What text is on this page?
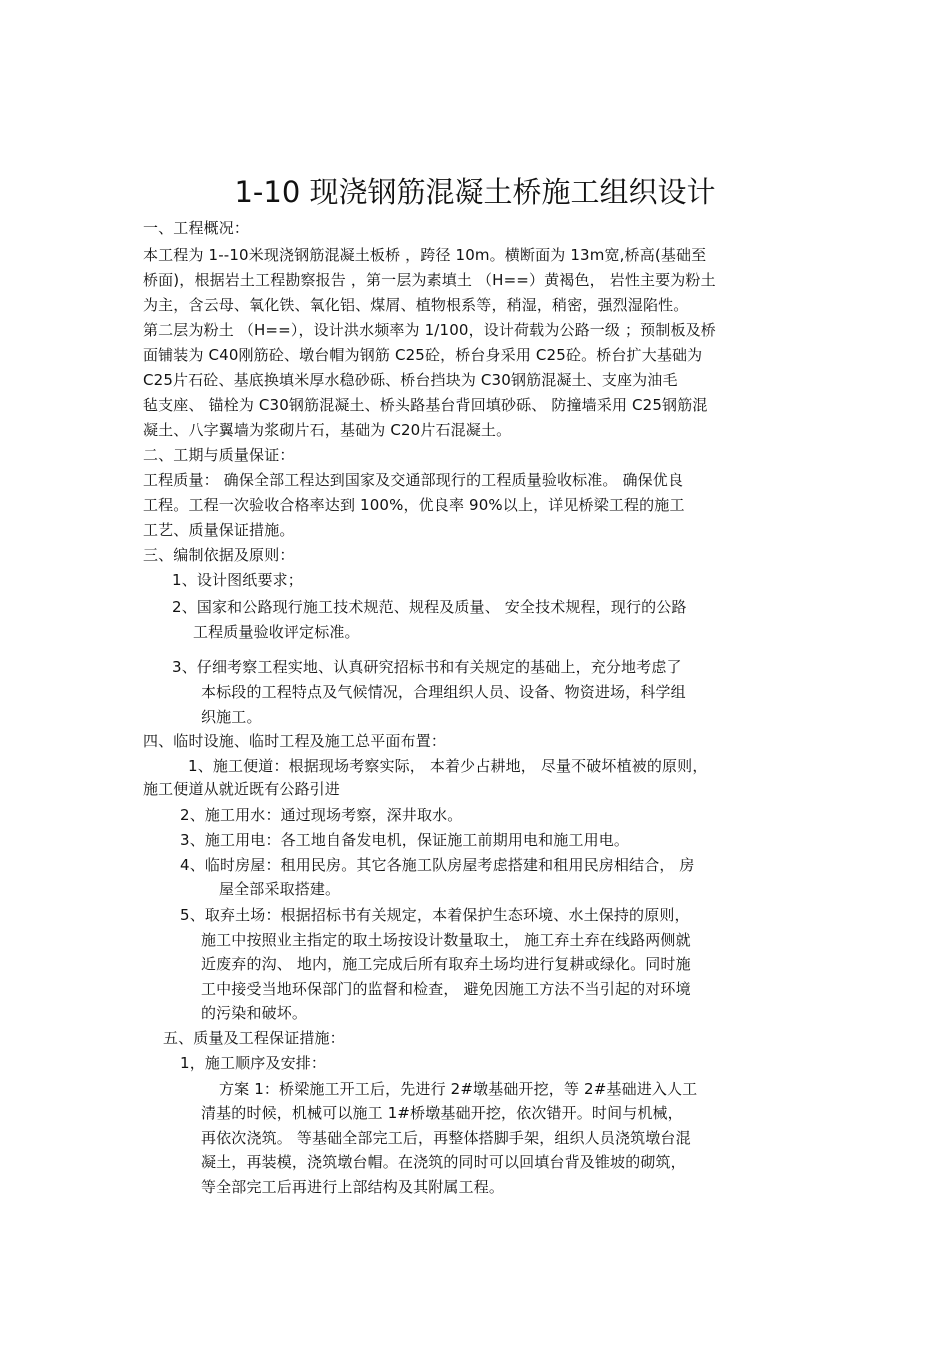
1-10 现浇钢筋混凝土桥施工组织设计
一、工程概况：
本工程为 1--10米现浇钢筋混凝土板桥 ，跨径 10m。横断面为 13m宽,桥高(基础至
桥面)，根据岩土工程勘察报告 ，第一层为素填土 （H==）黄褐色， 岩性主要为粉土
为主，含云母、氧化铁、氧化铝、煤屑、植物根系等，稍湿，稍密，强烈湿陷性。
第二层为粉土 （H==），设计洪水频率为 1/100，设计荷载为公路一级 ；预制板及桥
面铺装为 C40刚筋砼、墩台帽为钢筋 C25砼，桥台身采用 C25砼。桥台扩大基础为
C25片石砼、基底换填米厚水稳砂砾、桥台挡块为 C30钢筋混凝土、支座为油毛
毡支座、 锚栓为 C30钢筋混凝土、桥头路基台背回填砂砾、 防撞墙采用 C25钢筋混
凝土、八字翼墙为浆砌片石，基础为 C20片石混凝土。
二、工期与质量保证：
工程质量： 确保全部工程达到国家及交通部现行的工程质量验收标准。 确保优良
工程。工程一次验收合格率达到 100%，优良率 90%以上，详见桥梁工程的施工
工艺、质量保证措施。
三、编制依据及原则：
1、设计图纸要求；
2、国家和公路现行施工技术规范、规程及质量、 安全技术规程，现行的公路
工程质量验收评定标准。
3、仔细考察工程实地、认真研究招标书和有关规定的基础上，充分地考虑了
本标段的工程特点及气候情况，合理组织人员、设备、物资进场，科学组
织施工。
四、临时设施、临时工程及施工总平面布置：
1、施工便道：根据现场考察实际， 本着少占耕地， 尽量不破坏植被的原则，
施工便道从就近既有公路引进
2、施工用水：通过现场考察，深井取水。
3、施工用电：各工地自备发电机，保证施工前期用电和施工用电。
4、临时房屋：租用民房。其它各施工队房屋考虑搭建和租用民房相结合， 房
屋全部采取搭建。
5、取弃土场：根据招标书有关规定，本着保护生态环境、水土保持的原则，
施工中按照业主指定的取土场按设计数量取土， 施工弃土弃在线路两侧就
近废弃的沟、 地内，施工完成后所有取弃土场均进行复耕或绿化。同时施
工中接受当地环保部门的监督和检查， 避免因施工方法不当引起的对环境
的污染和破坏。
五、质量及工程保证措施：
1，施工顺序及安排：
方案 1：桥梁施工开工后，先进行 2#墩基础开挖，等 2#基础进入人工
清基的时候，机械可以施工 1#桥墩基础开挖，依次错开。时间与机械，
再依次浇筑。 等基础全部完工后，再整体搭脚手架，组织人员浇筑墩台混
凝土，再装模，浇筑墩台帽。在浇筑的同时可以回填台背及锥坡的砌筑，
等全部完工后再进行上部结构及其附属工程。
